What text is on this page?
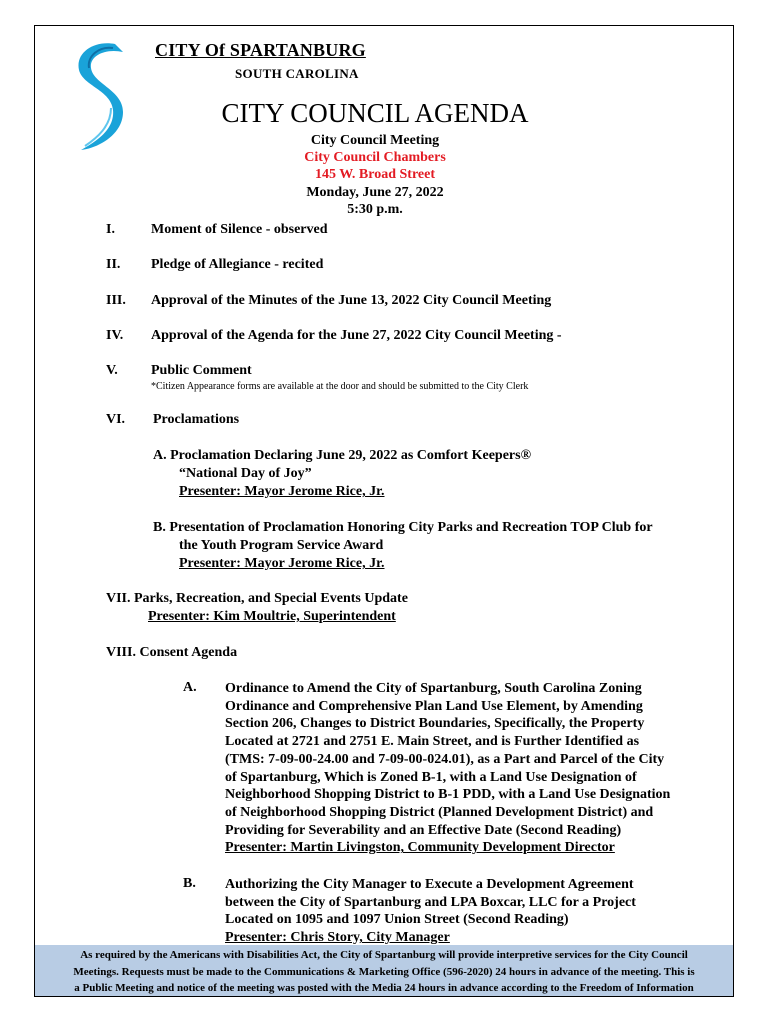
CITY Of SPARTANBURG
SOUTH CAROLINA
CITY COUNCIL AGENDA
City Council Meeting
City Council Chambers
145 W. Broad Street
Monday, June 27, 2022
5:30 p.m.
I.	Moment of Silence - observed
II. Pledge of Allegiance - recited
III. Approval of the Minutes of the June 13, 2022 City Council Meeting
IV. Approval of the Agenda for the June 27, 2022 City Council Meeting -
V. Public Comment
*Citizen Appearance forms are available at the door and should be submitted to the City Clerk
VI. Proclamations
A. Proclamation Declaring June 29, 2022 as Comfort Keepers®
“National Day of Joy”
Presenter: Mayor Jerome Rice, Jr.
B. Presentation of Proclamation Honoring City Parks and Recreation TOP Club for
the Youth Program Service Award
Presenter: Mayor Jerome Rice, Jr.
VII. Parks, Recreation, and Special Events Update
Presenter: Kim Moultrie, Superintendent
VIII. Consent Agenda
A. Ordinance to Amend the City of Spartanburg, South Carolina Zoning
Ordinance and Comprehensive Plan Land Use Element, by Amending
Section 206, Changes to District Boundaries, Specifically, the Property
Located at 2721 and 2751 E. Main Street, and is Further Identified as
(TMS: 7-09-00-24.00 and 7-09-00-024.01), as a Part and Parcel of the City
of Spartanburg, Which is Zoned B-1, with a Land Use Designation of
Neighborhood Shopping District to B-1 PDD, with a Land Use Designation
of Neighborhood Shopping District (Planned Development District) and
Providing for Severability and an Effective Date (Second Reading)
Presenter: Martin Livingston, Community Development Director
B. Authorizing the City Manager to Execute a Development Agreement
between the City of Spartanburg and LPA Boxcar, LLC for a Project
Located on 1095 and 1097 Union Street (Second Reading)
Presenter: Chris Story, City Manager
As required by the Americans with Disabilities Act, the City of Spartanburg will provide interpretive services for the City Council
Meetings. Requests must be made to the Communications & Marketing Office (596-2020) 24 hours in advance of the meeting. This is
a Public Meeting and notice of the meeting was posted with the Media 24 hours in advance according to the Freedom of Information
